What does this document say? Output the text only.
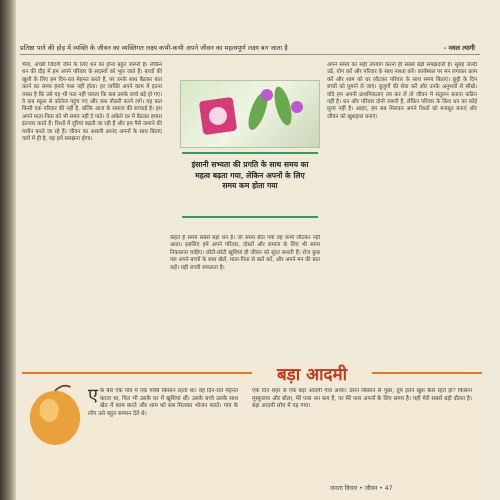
- नवल त्यागी
प्रतिष्ठा पाने की होड़ में व्यक्ति के जीवन का व्यक्तिगत लक्ष्य कभी-कभी अपने जीवन का महत्वपूर्ण लक्ष्य बन जाता है

भैया, अच्छी जिंदगी जीने के लिए धन का होना बहुत जरूरी है। लेकिन धन की दौड़ में हम अपने परिवार के सदस्यों को भूल जाते हैं। बच्चों की खुशी के लिए हम दिन-रात मेहनत करते हैं, पर उनके साथ बैठकर बात करने का समय हमारे पास नहीं होता। हर व्यक्ति अपने काम में इतना व्यस्त है कि उसे यह भी पता नहीं चलता कि कब उसके बच्चे बड़े हो गए। वे कब स्कूल से कॉलेज पहुंच गए और कब नौकरी करने लगे। यह बात किसी एक परिवार की नहीं है, बल्कि आज के समाज की सच्चाई है। हम अपने माता-पिता को भी समय नहीं दे पाते। वे अकेले घर में बैठकर हमारा इंतजार करते हैं। रिश्तों में दूरियां बढ़ती जा रही हैं और हम पैसे कमाने की मशीन बनते जा रहे हैं। जीवन का असली आनंद अपनों के साथ बिताए पलों में ही है, यह हमें समझना होगा।

इंसानी सभ्यता की प्रगति के साथ समय का महत्व बढ़ता गया, लेकिन अपनों के लिए समय कम होता गया

कहते हैं समय सबसे बड़ा धन है। जो समय बीत गया वह कभी लौटकर नहीं आता। इसलिए हमें अपने परिवार, दोस्तों और समाज के लिए भी समय निकालना चाहिए। छोटी-छोटी खुशियां ही जीवन को सुंदर बनाती हैं। रोज कुछ पल अपने बच्चों के साथ खेलें, माता-पिता से बातें करें, और अपने मन की बात कहें। यही सच्ची सफलता है।

अपने समय का सही उपयोग करना ही सबसे बड़ी समझदारी है। सुबह जल्दी उठें, योग करें और परिवार के साथ नाश्ता करें। कार्यस्थल पर मन लगाकर काम करें और शाम को घर लौटकर परिवार के साथ समय बिताएं। छुट्टी के दिन बच्चों को घुमाने ले जाएं। बुजुर्गों की सेवा करें और उनके अनुभवों से सीखें। यदि हम अपनी प्राथमिकताएं तय कर लें तो जीवन में संतुलन बनाना कठिन नहीं है। धन और परिवार दोनों जरूरी हैं, लेकिन परिवार के बिना धन का कोई मूल्य नहीं है। आइए, हम सब मिलकर अपने रिश्तों को मजबूत बनाएं और जीवन को खुशहाल बनाएं।

बड़ा आदमी
ए क बार एक गांव में एक गरीब किसान रहता था। वह दिन-रात मेहनत करता था, फिर भी उसके घर में खुशियां थीं। उसके बच्चे उसके साथ खेत में काम करते और शाम को सब मिलकर भोजन करते। गांव के लोग उसे बहुत सम्मान देते थे।
एक दिन शहर से एक बड़ा आदमी गांव आया। उसने किसान से पूछा, तुम इतने खुश कैसे रहते हो? किसान मुस्कुराया और बोला, मेरे पास धन कम है, पर मेरे पास अपनों के लिए समय है। यही मेरी सबसे बड़ी दौलत है। बड़ा आदमी सोच में पड़ गया।
जनता विचार • जीवन • 47
